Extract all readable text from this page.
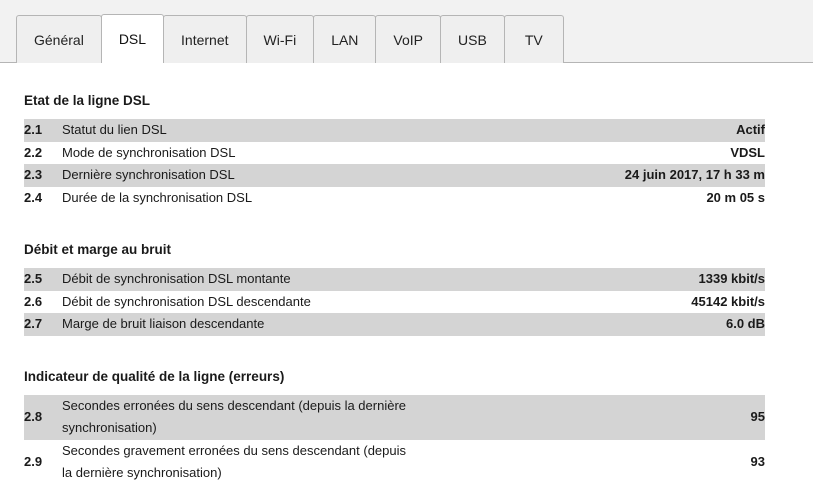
Général	DSL	Internet	Wi-Fi	LAN	VoIP	USB	TV
Etat de la ligne DSL
2.1	Statut du lien DSL	Actif
2.2	Mode de synchronisation DSL	VDSL
2.3	Dernière synchronisation DSL	24 juin 2017, 17 h 33 m
2.4	Durée de la synchronisation DSL	20 m 05 s
Débit et marge au bruit
2.5	Débit de synchronisation DSL montante	1339 kbit/s
2.6	Débit de synchronisation DSL descendante	45142 kbit/s
2.7	Marge de bruit liaison descendante	6.0 dB
Indicateur de qualité de la ligne (erreurs)
2.8	Secondes erronées du sens descendant (depuis la dernière synchronisation)	95
2.9	Secondes gravement erronées du sens descendant (depuis la dernière synchronisation)	93
